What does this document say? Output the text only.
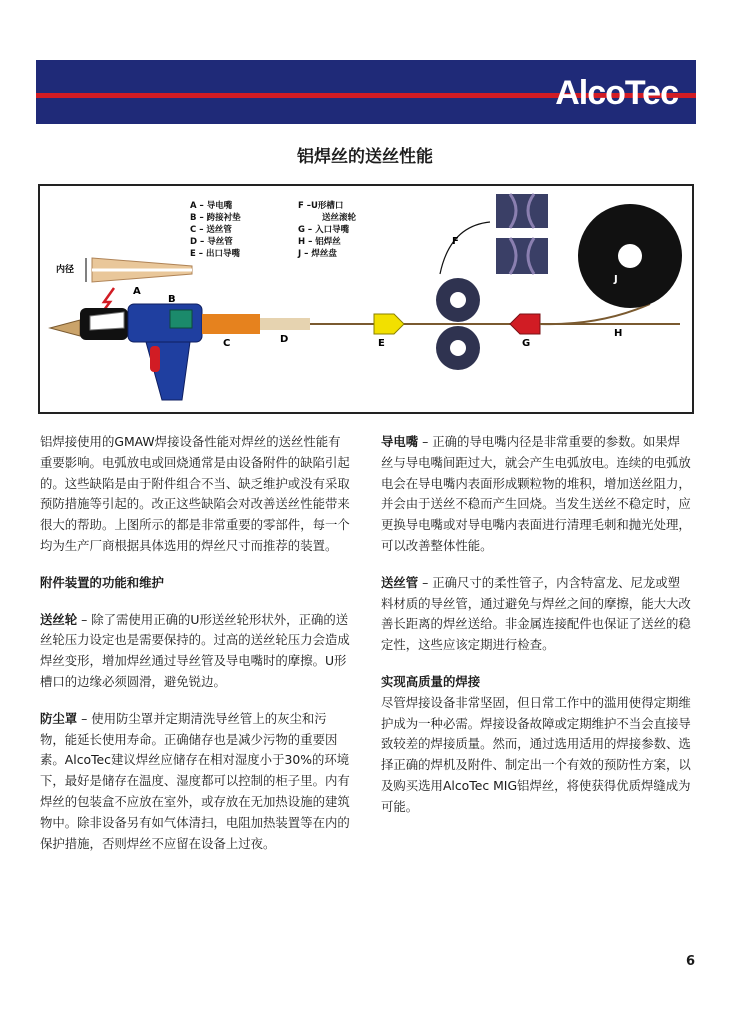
AlcoTec
铝焊丝的送丝性能
A – 导电嘴
B – 跨接衬垫
C – 送丝管
D – 导丝管
E – 出口导嘴
F –U形槽口
送丝滚轮
G – 入口导嘴
H – 铝焊丝
J – 焊丝盘
内径
A
B
C	D	E
F
G
H
J

铝焊接使用的GMAW焊接设备性能对焊丝的送丝性能有重要影响。电弧放电或回烧通常是由设备附件的缺陷引起的。这些缺陷是由于附件组合不当、缺乏维护或没有采取预防措施等引起的。改正这些缺陷会对改善送丝性能带来很大的帮助。上图所示的都是非常重要的零部件，每一个均为生产厂商根据具体选用的焊丝尺寸而推荐的装置。

附件装置的功能和维护

送丝轮 – 除了需使用正确的U形送丝轮形状外，正确的送丝轮压力设定也是需要保持的。过高的送丝轮压力会造成焊丝变形，增加焊丝通过导丝管及导电嘴时的摩擦。U形槽口的边缘必须圆滑，避免锐边。

防尘罩 – 使用防尘罩并定期清洗导丝管上的灰尘和污物，能延长使用寿命。正确储存也是减少污物的重要因素。AlcoTec建议焊丝应储存在相对湿度小于30%的环境下，最好是储存在温度、湿度都可以控制的柜子里。内有焊丝的包装盒不应放在室外，或存放在无加热设施的建筑物中。除非设备另有如气体清扫，电阻加热装置等在内的保护措施，否则焊丝不应留在设备上过夜。

导电嘴 – 正确的导电嘴内径是非常重要的参数。如果焊丝与导电嘴间距过大，就会产生电弧放电。连续的电弧放电会在导电嘴内表面形成颗粒物的堆积，增加送丝阻力，并会由于送丝不稳而产生回烧。当发生送丝不稳定时，应更换导电嘴或对导电嘴内表面进行清理毛刺和抛光处理，可以改善整体性能。

送丝管 – 正确尺寸的柔性管子，内含特富龙、尼龙或塑料材质的导丝管，通过避免与焊丝之间的摩擦，能大大改善长距离的焊丝送给。非金属连接配件也保证了送丝的稳定性，这些应该定期进行检查。

实现高质量的焊接
尽管焊接设备非常坚固，但日常工作中的滥用使得定期维护成为一种必需。焊接设备故障或定期维护不当会直接导致较差的焊接质量。然而，通过选用适用的焊接参数、选择正确的焊机及附件、制定出一个有效的预防性方案，以及购买选用AlcoTec MIG铝焊丝，将使获得优质焊缝成为可能。

6
